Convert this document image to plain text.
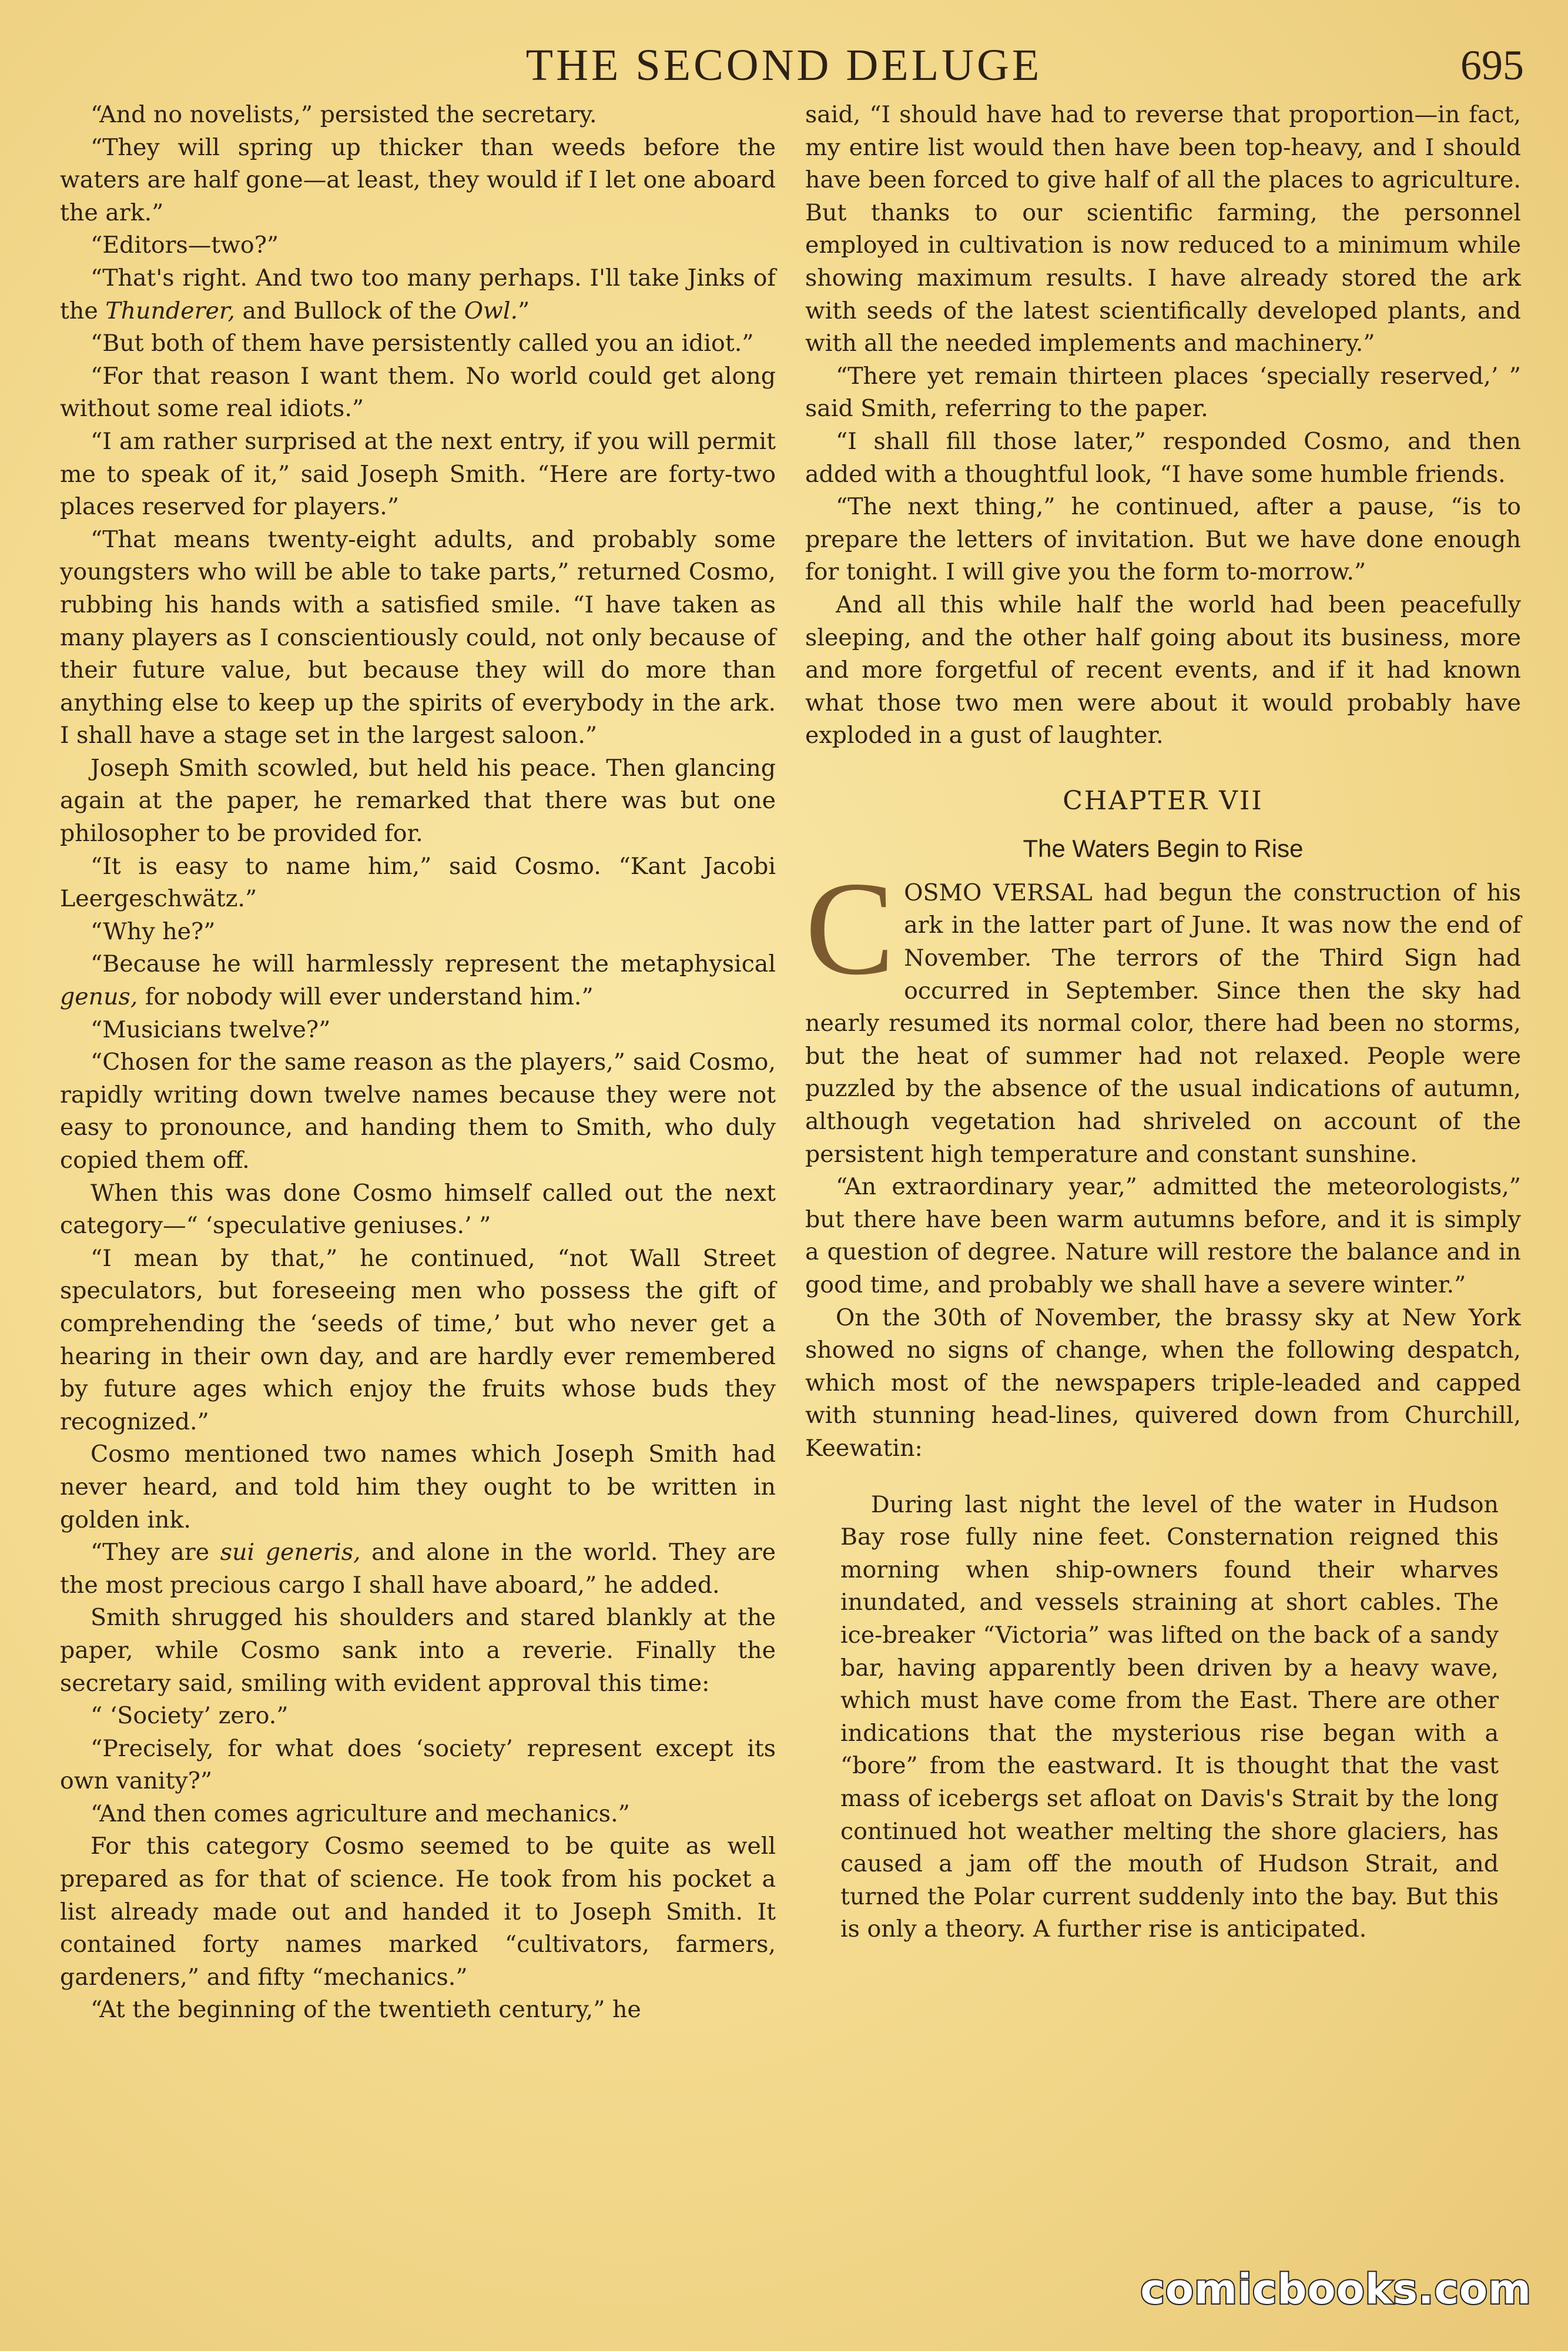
THE SECOND DELUGE	695

“And no novelists,” persisted the secretary.

“They will spring up thicker than weeds before the waters are half gone—at least, they would if I let one aboard the ark.”

“Editors—two?”

“That's right. And two too many perhaps. I'll take Jinks of the Thunderer, and Bullock of the Owl.”

“But both of them have persistently called you an idiot.”

“For that reason I want them. No world could get along without some real idiots.”

“I am rather surprised at the next entry, if you will permit me to speak of it,” said Joseph Smith. “Here are forty-two places reserved for players.”

“That means twenty-eight adults, and probably some youngsters who will be able to take parts,” returned Cosmo, rubbing his hands with a satisfied smile. “I have taken as many players as I conscientiously could, not only because of their future value, but because they will do more than anything else to keep up the spirits of everybody in the ark. I shall have a stage set in the largest saloon.”

Joseph Smith scowled, but held his peace. Then glancing again at the paper, he remarked that there was but one philosopher to be provided for.

“It is easy to name him,” said Cosmo. “Kant Jacobi Leergeschwätz.”

“Why he?”

“Because he will harmlessly represent the metaphysical genus, for nobody will ever understand him.”

“Musicians twelve?”

“Chosen for the same reason as the players,” said Cosmo, rapidly writing down twelve names because they were not easy to pronounce, and handing them to Smith, who duly copied them off.

When this was done Cosmo himself called out the next category—“ ‘speculative geniuses.’ ”

“I mean by that,” he continued, “not Wall Street speculators, but foreseeing men who possess the gift of comprehending the ‘seeds of time,’ but who never get a hearing in their own day, and are hardly ever remembered by future ages which enjoy the fruits whose buds they recognized.”

Cosmo mentioned two names which Joseph Smith had never heard, and told him they ought to be written in golden ink.

“They are sui generis, and alone in the world. They are the most precious cargo I shall have aboard,” he added.

Smith shrugged his shoulders and stared blankly at the paper, while Cosmo sank into a reverie. Finally the secretary said, smiling with evident approval this time:

“ ‘Society’ zero.”

“Precisely, for what does ‘society’ represent except its own vanity?”

“And then comes agriculture and mechanics.”

For this category Cosmo seemed to be quite as well prepared as for that of science. He took from his pocket a list already made out and handed it to Joseph Smith. It contained forty names marked “cultivators, farmers, gardeners,” and fifty “mechanics.”

“At the beginning of the twentieth century,” he

said, “I should have had to reverse that proportion—in fact, my entire list would then have been top-heavy, and I should have been forced to give half of all the places to agriculture. But thanks to our scientific farming, the personnel employed in cultivation is now reduced to a minimum while showing maximum results. I have already stored the ark with seeds of the latest scientifically developed plants, and with all the needed implements and machinery.”

“There yet remain thirteen places ‘specially reserved,’ ” said Smith, referring to the paper.

“I shall fill those later,” responded Cosmo, and then added with a thoughtful look, “I have some humble friends.

“The next thing,” he continued, after a pause, “is to prepare the letters of invitation. But we have done enough for tonight. I will give you the form to-morrow.”

And all this while half the world had been peacefully sleeping, and the other half going about its business, more and more forgetful of recent events, and if it had known what those two men were about it would probably have exploded in a gust of laughter.

CHAPTER VII
The Waters Begin to Rise

COSMO VERSAL had begun the construction of his ark in the latter part of June. It was now the end of November. The terrors of the Third Sign had occurred in September. Since then the sky had nearly resumed its normal color, there had been no storms, but the heat of summer had not relaxed. People were puzzled by the absence of the usual indications of autumn, although vegetation had shriveled on account of the persistent high temperature and constant sunshine.

“An extraordinary year,” admitted the meteorologists,” but there have been warm autumns before, and it is simply a question of degree. Nature will restore the balance and in good time, and probably we shall have a severe winter.”

On the 30th of November, the brassy sky at New York showed no signs of change, when the following despatch, which most of the newspapers triple-leaded and capped with stunning head-lines, quivered down from Churchill, Keewatin:

During last night the level of the water in Hudson Bay rose fully nine feet. Consternation reigned this morning when ship-owners found their wharves inundated, and vessels straining at short cables. The ice-breaker “Victoria” was lifted on the back of a sandy bar, having apparently been driven by a heavy wave, which must have come from the East. There are other indications that the mysterious rise began with a “bore” from the eastward. It is thought that the vast mass of icebergs set afloat on Davis's Strait by the long continued hot weather melting the shore glaciers, has caused a jam off the mouth of Hudson Strait, and turned the Polar current suddenly into the bay. But this is only a theory. A further rise is anticipated.

comicbooks.com
